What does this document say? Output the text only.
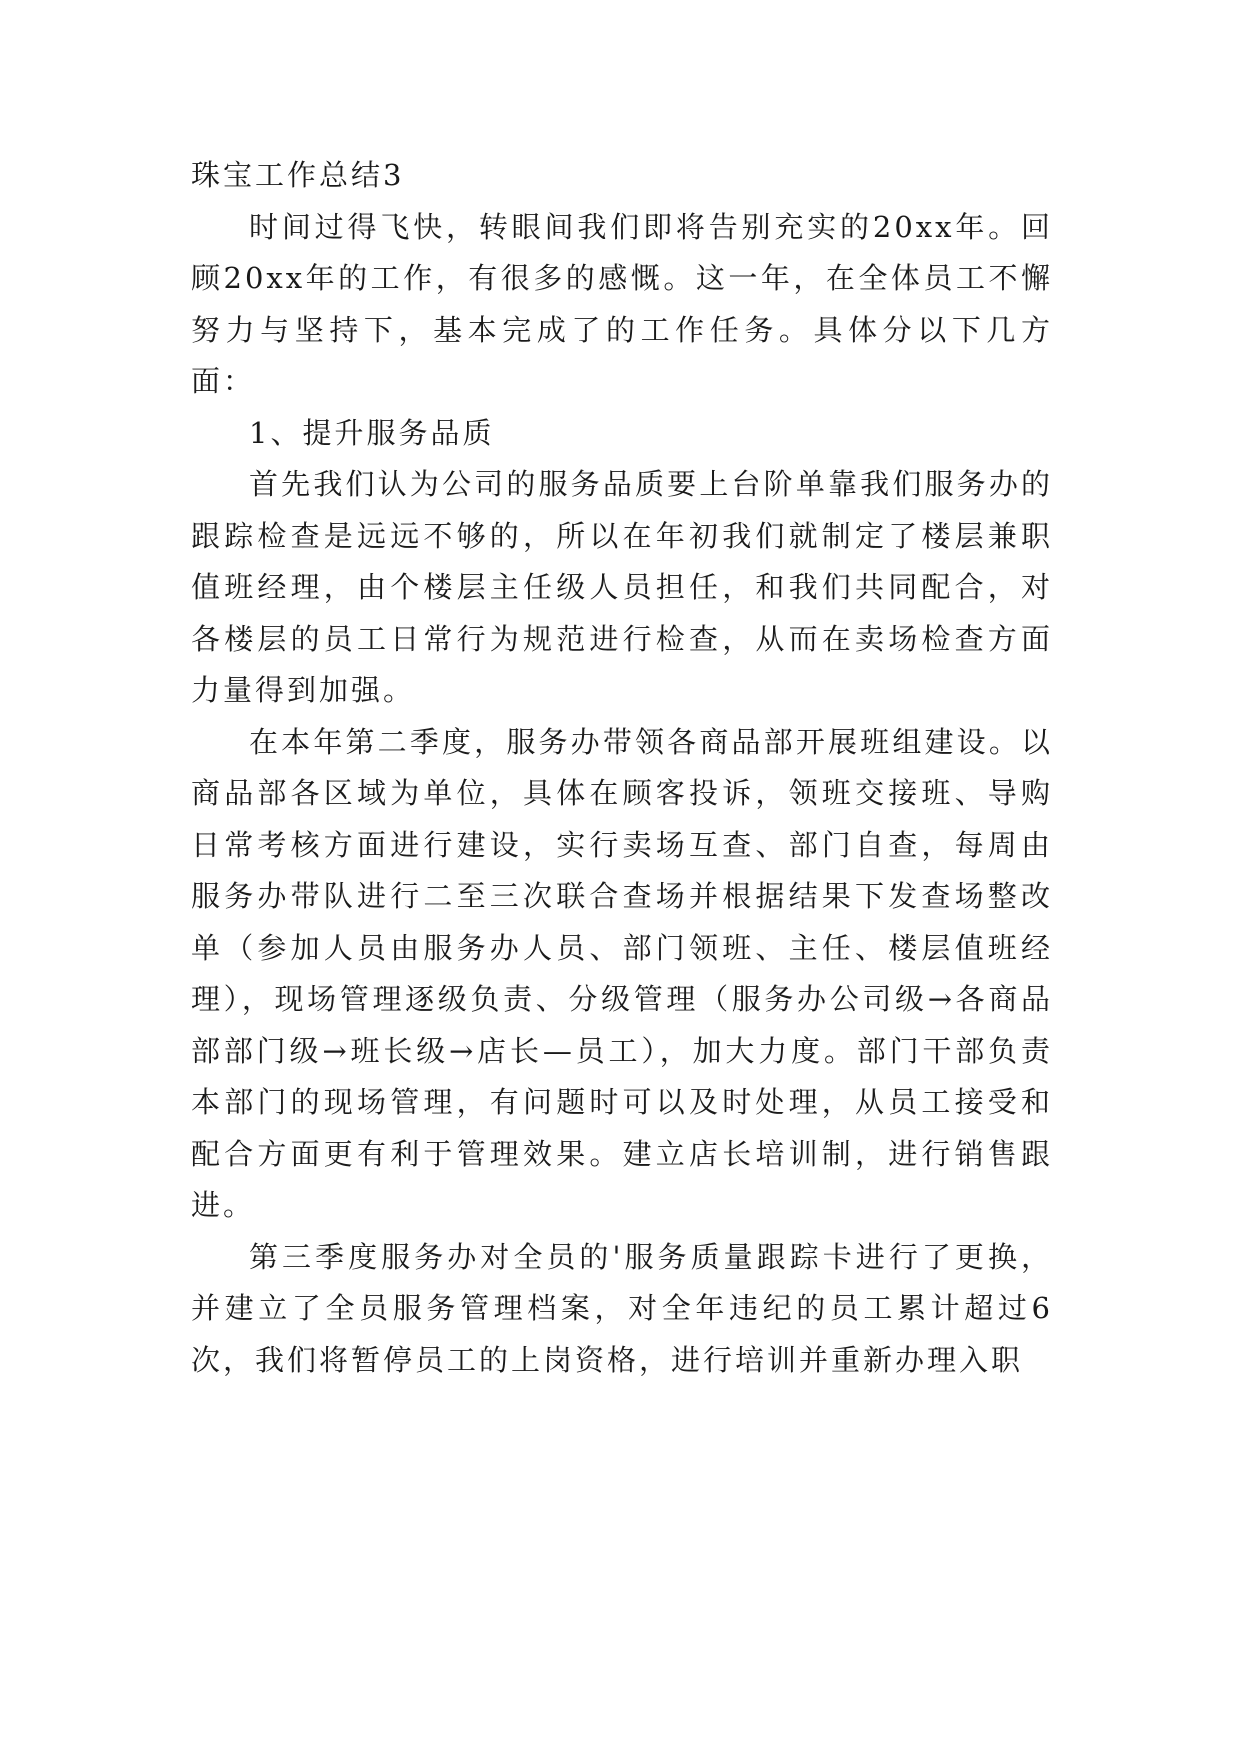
珠宝工作总结3

时间过得飞快，转眼间我们即将告别充实的20xx年。回顾20xx年的工作，有很多的感慨。这一年，在全体员工不懈努力与坚持下，基本完成了的工作任务。具体分以下几方面：

1、提升服务品质

首先我们认为公司的服务品质要上台阶单靠我们服务办的跟踪检查是远远不够的，所以在年初我们就制定了楼层兼职值班经理，由个楼层主任级人员担任，和我们共同配合，对各楼层的员工日常行为规范进行检查，从而在卖场检查方面力量得到加强。

在本年第二季度，服务办带领各商品部开展班组建设。以商品部各区域为单位，具体在顾客投诉，领班交接班、导购日常考核方面进行建设，实行卖场互查、部门自查，每周由服务办带队进行二至三次联合查场并根据结果下发查场整改单（参加人员由服务办人员、部门领班、主任、楼层值班经理），现场管理逐级负责、分级管理（服务办公司级→各商品部部门级→班长级→店长—员工），加大力度。部门干部负责本部门的现场管理，有问题时可以及时处理，从员工接受和配合方面更有利于管理效果。建立店长培训制，进行销售跟进。

第三季度服务办对全员的'服务质量跟踪卡进行了更换，并建立了全员服务管理档案，对全年违纪的员工累计超过6次，我们将暂停员工的上岗资格，进行培训并重新办理入职
